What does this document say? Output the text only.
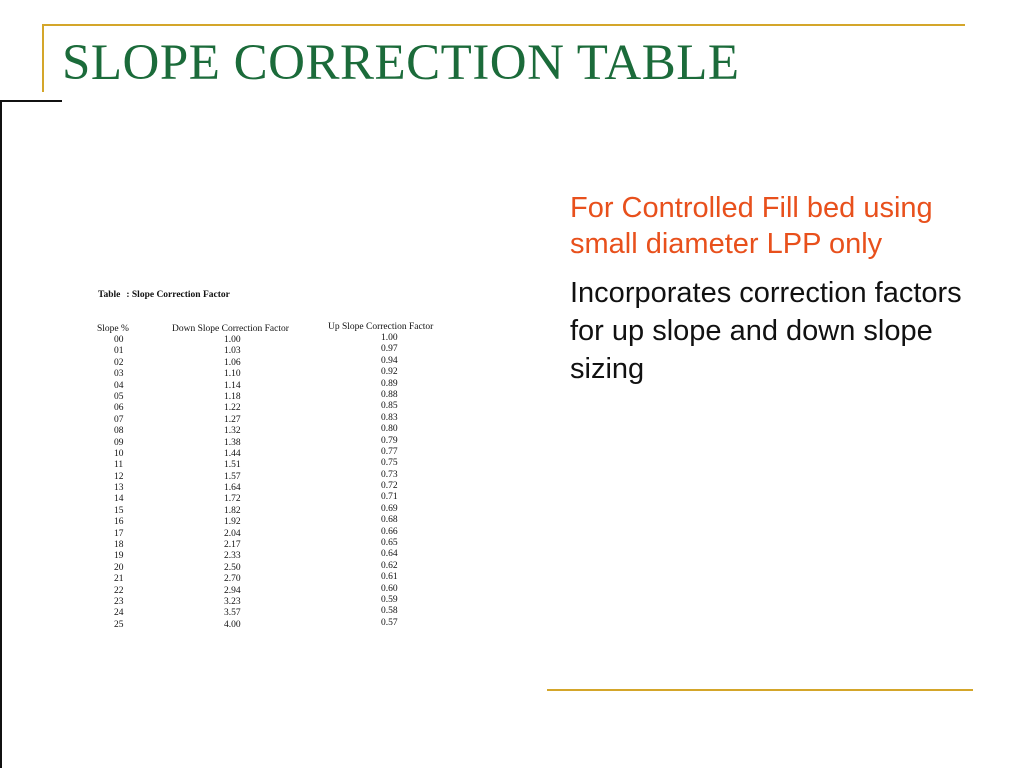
SLOPE CORRECTION TABLE
Table : Slope Correction Factor
Slope %	Down Slope Correction Factor	Up Slope Correction Factor
00	1.00	1.00
01	1.03	0.97
02	1.06	0.94
03	1.10	0.92
04	1.14	0.89
05	1.18	0.88
06	1.22	0.85
07	1.27	0.83
08	1.32	0.80
09	1.38	0.79
10	1.44	0.77
11	1.51	0.75
12	1.57	0.73
13	1.64	0.72
14	1.72	0.71
15	1.82	0.69
16	1.92	0.68
17	2.04	0.66
18	2.17	0.65
19	2.33	0.64
20	2.50	0.62
21	2.70	0.61
22	2.94	0.60
23	3.23	0.59
24	3.57	0.58
25	4.00	0.57

For Controlled Fill bed using small diameter LPP only

Incorporates correction factors for up slope and down slope sizing
